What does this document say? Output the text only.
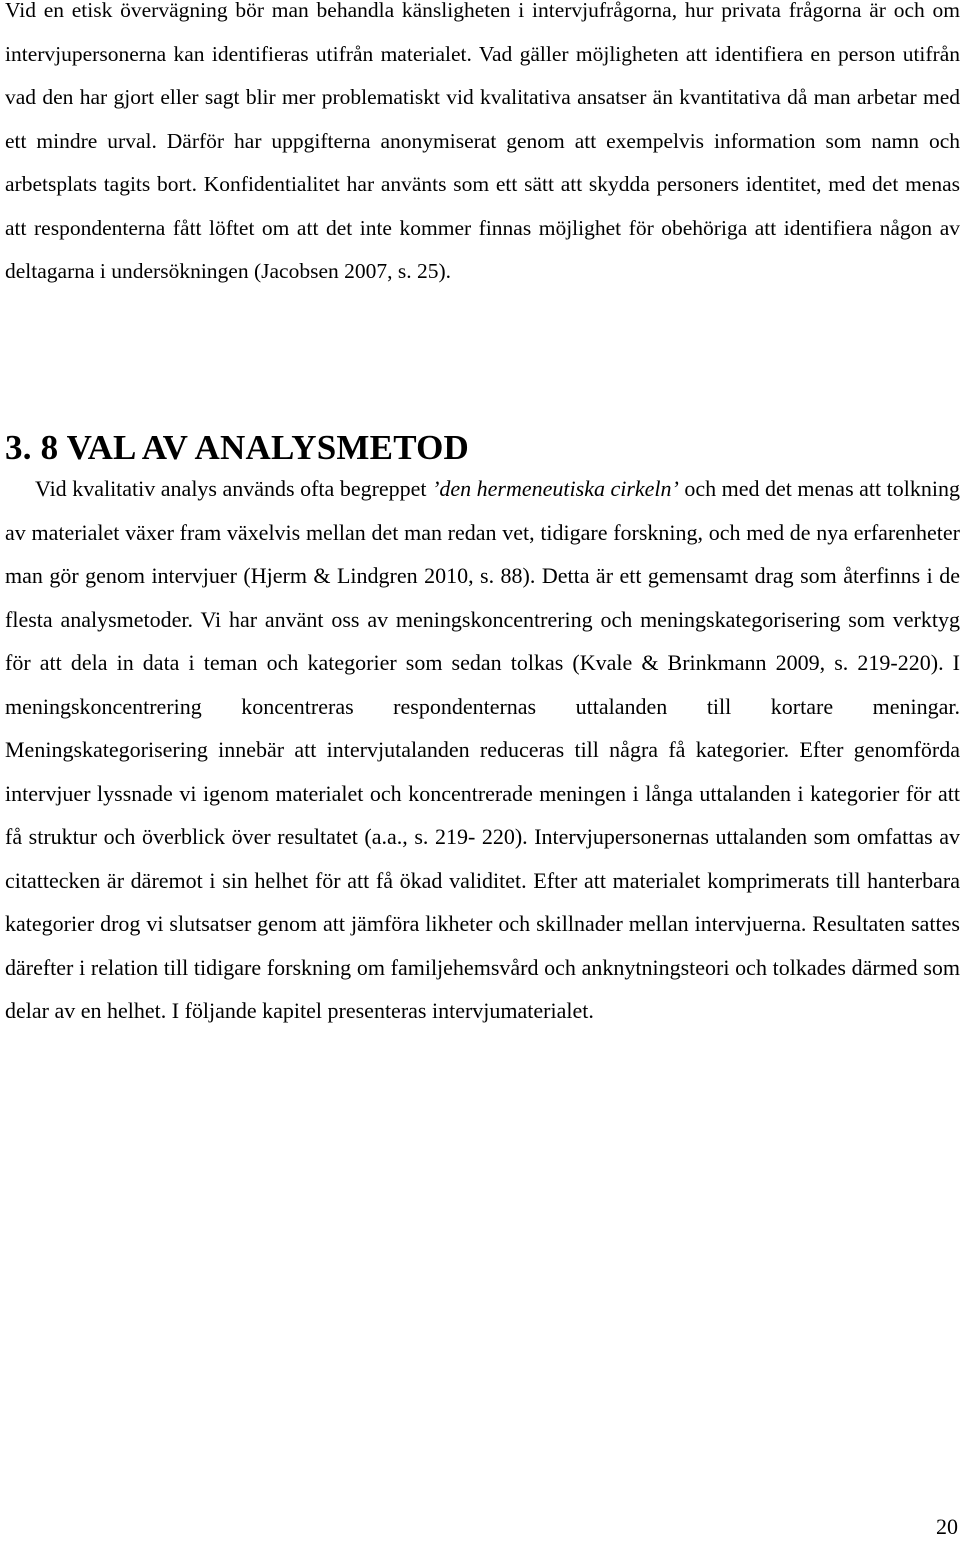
Vid en etisk övervägning bör man behandla känsligheten i intervjufrågorna, hur privata frågorna är och om intervjupersonerna kan identifieras utifrån materialet. Vad gäller möjligheten att identifiera en person utifrån vad den har gjort eller sagt blir mer problematiskt vid kvalitativa ansatser än kvantitativa då man arbetar med ett mindre urval. Därför har uppgifterna anonymiserat genom att exempelvis information som namn och arbetsplats tagits bort. Konfidentialitet har använts som ett sätt att skydda personers identitet, med det menas att respondenterna fått löftet om att det inte kommer finnas möjlighet för obehöriga att identifiera någon av deltagarna i undersökningen (Jacobsen 2007, s. 25).

3. 8 VAL AV ANALYSMETOD

Vid kvalitativ analys används ofta begreppet ’den hermeneutiska cirkeln’ och med det menas att tolkning av materialet växer fram växelvis mellan det man redan vet, tidigare forskning, och med de nya erfarenheter man gör genom intervjuer (Hjerm & Lindgren 2010, s. 88). Detta är ett gemensamt drag som återfinns i de flesta analysmetoder. Vi har använt oss av meningskoncentrering och meningskategorisering som verktyg för att dela in data i teman och kategorier som sedan tolkas (Kvale & Brinkmann 2009, s. 219-220). I meningskoncentrering koncentreras respondenternas uttalanden till kortare meningar. Meningskategorisering innebär att intervjutalanden reduceras till några få kategorier. Efter genomförda intervjuer lyssnade vi igenom materialet och koncentrerade meningen i långa uttalanden i kategorier för att få struktur och överblick över resultatet (a.a., s. 219- 220). Intervjupersonernas uttalanden som omfattas av citattecken är däremot i sin helhet för att få ökad validitet. Efter att materialet komprimerats till hanterbara kategorier drog vi slutsatser genom att jämföra likheter och skillnader mellan intervjuerna. Resultaten sattes därefter i relation till tidigare forskning om familjehemsvård och anknytningsteori och tolkades därmed som delar av en helhet. I följande kapitel presenteras intervjumaterialet.

20
